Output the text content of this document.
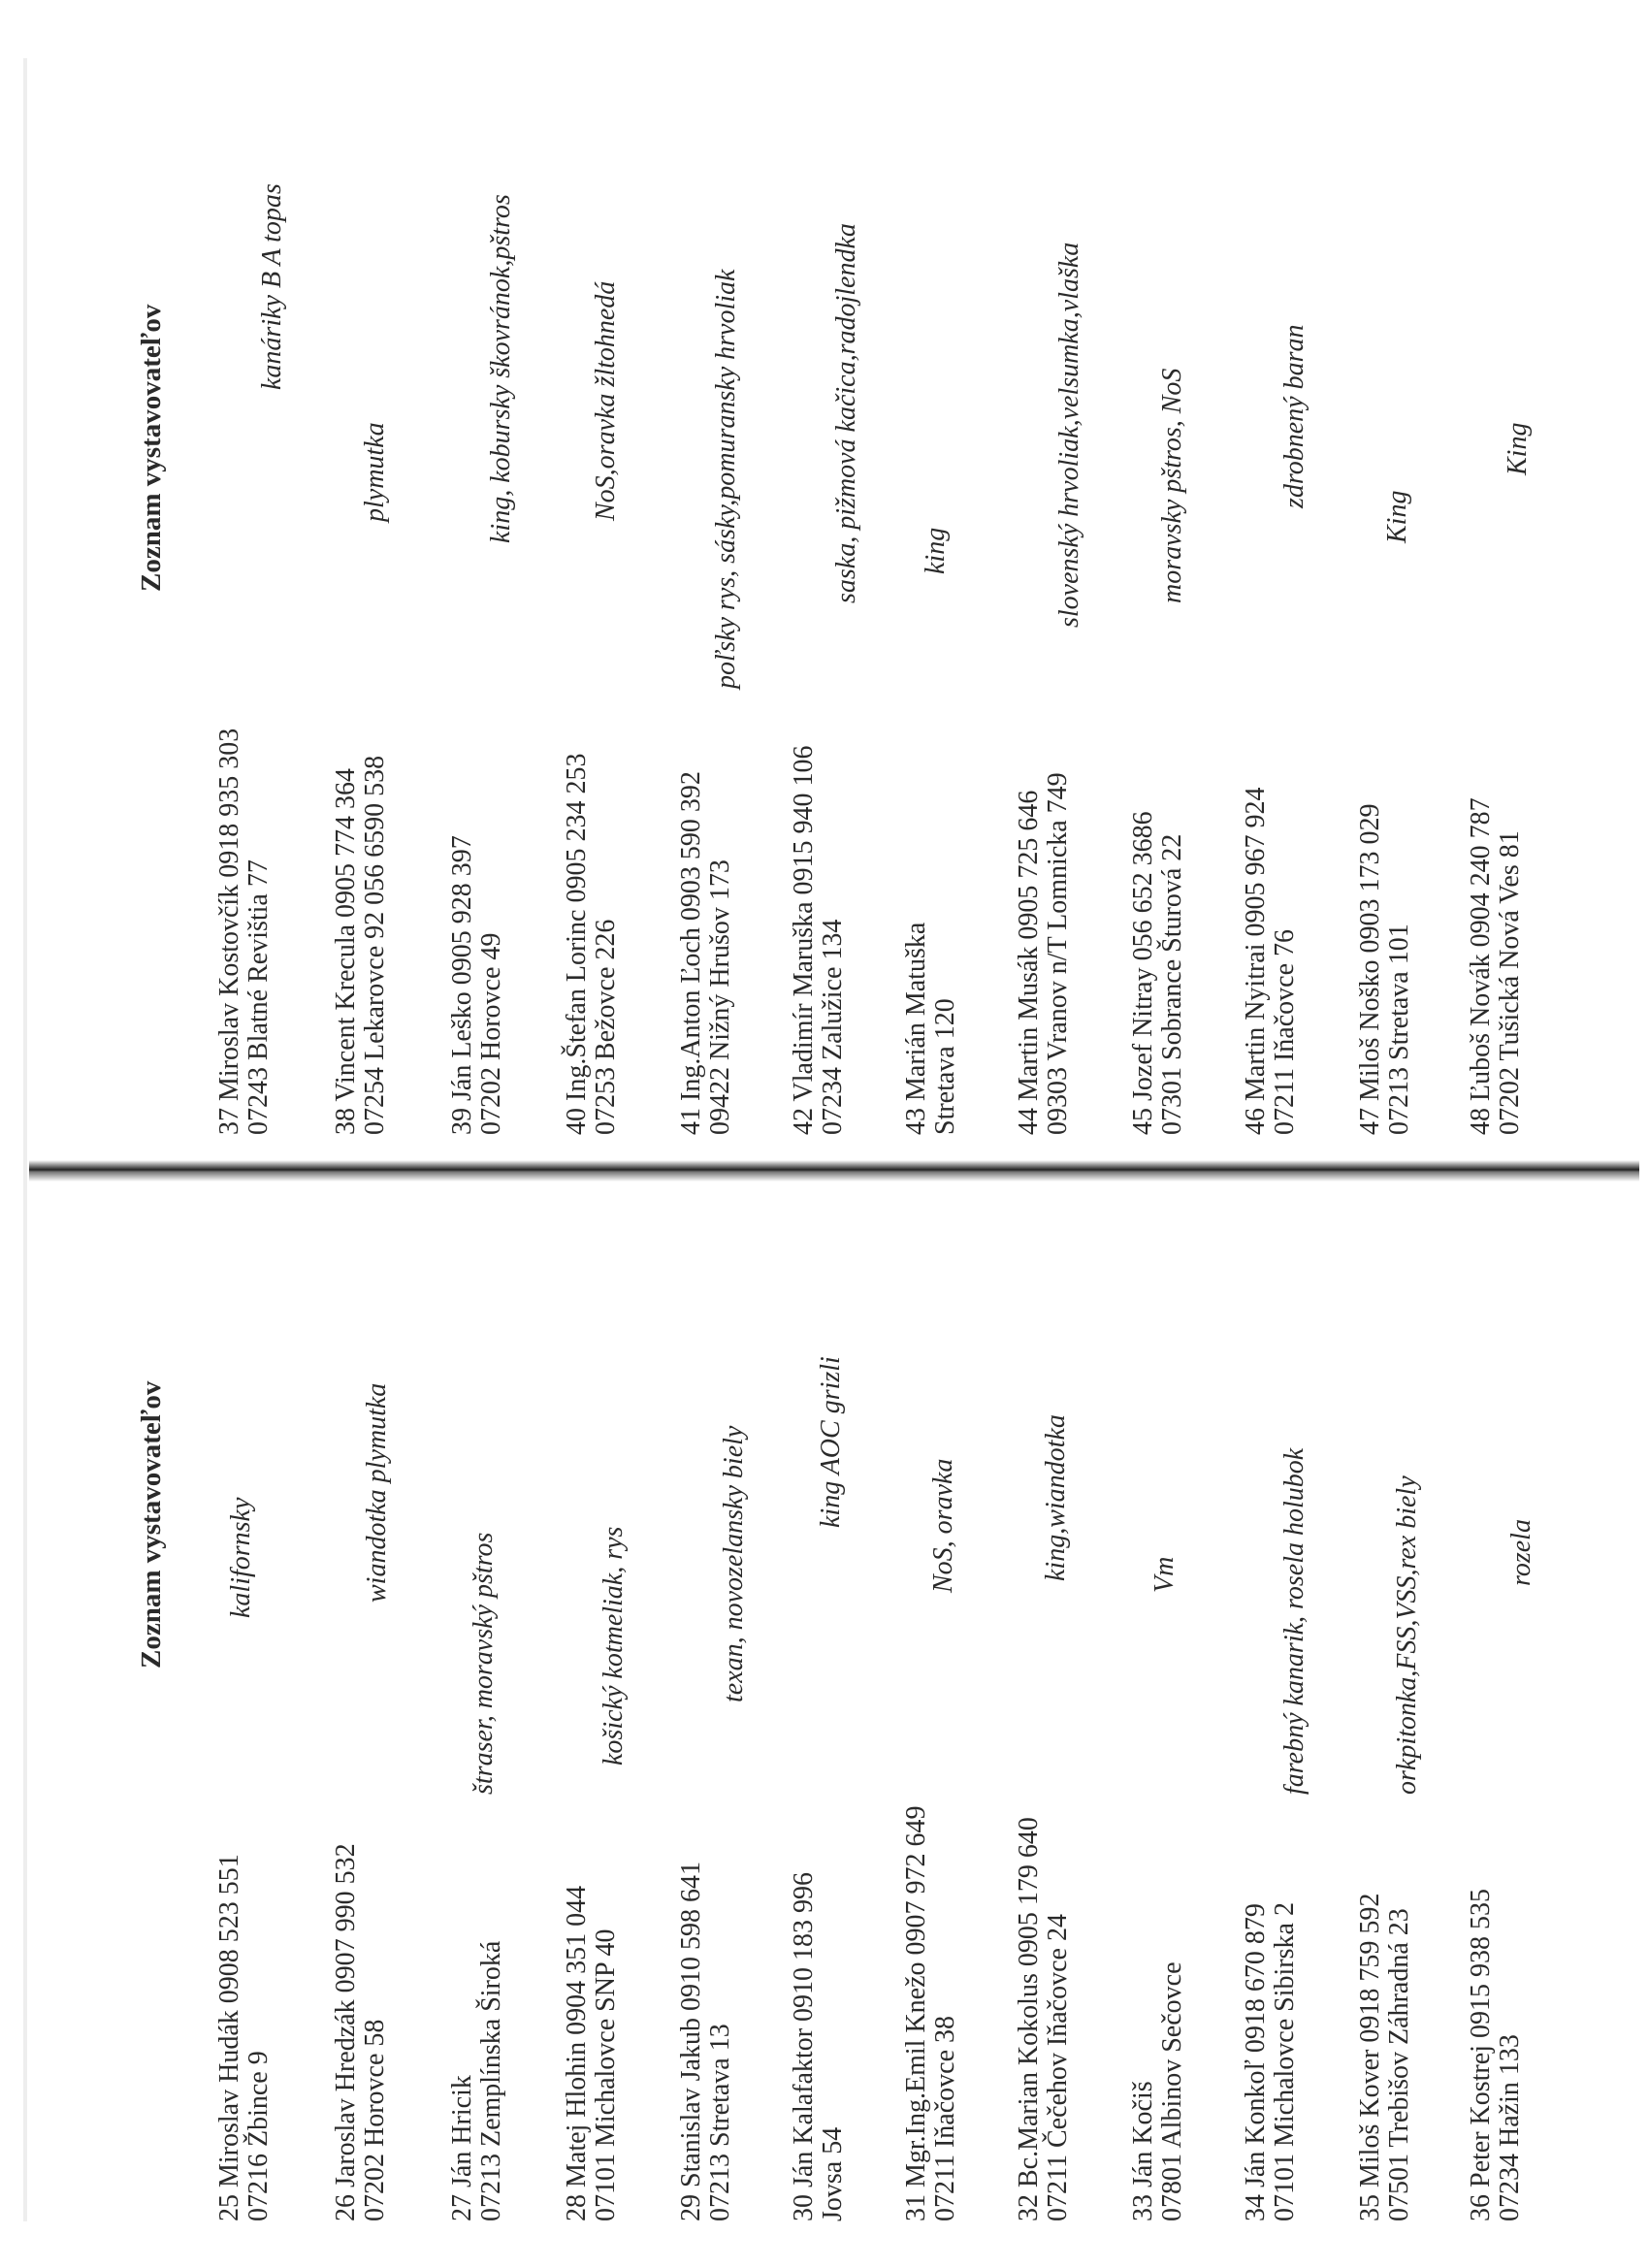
Zoznam vystavovateľov
25 Miroslav Hudák 0908 523 551 07216 Žbince 9
kalifornsky
26 Jaroslav Hredzák 0907 990 532 07202 Horovce 58
wiandotka plymutka
27 Ján Hricik 07213 Zemplínska Široká
štraser, moravský pštros
28 Matej Hlohin 0904 351 044 07101 Michalovce SNP 40
košický kotmeliak, rys
29 Stanislav Jakub 0910 598 641 07213 Stretava 13
texan, novozelansky biely
30 Ján Kalafaktor 0910 183 996 Jovsa 54
king AOC grizli
31 Mgr.Ing.Emil Knežo 0907 972 649 07211 Iňačovce 38
NoS, oravka
32 Bc.Marian Kokolus 0905 179 640 07211 Čečehov Iňačovce 24
king,wiandotka
33 Ján Kočiš 07801 Albinov Sečovce
Vm
34 Ján Konkoľ 0918 670 879 07101 Michalovce Sibirska 2
farebný kanarik, rosela holubok
35 Miloš Kover 0918 759 592 07501 Trebišov Záhradná 23
orkpitonka,FSS,VSS,rex biely
36 Peter Kostrej 0915 938 535 07234 Hažin 133
rozela
Zoznam vystavovateľov
37 Miroslav Kostovčík 0918 935 303 07243 Blatné Revištia 77
kanáriky B A topas
38 Vincent Krecula 0905 774 364 07254 Lekarovce 92 056 6590 538
plymutka
39 Ján Leško 0905 928 397 07202 Horovce 49
king, kobursky škovránok,pštros
40 Ing.Štefan Lorinc 0905 234 253 07253 Bežovce 226
NoS,oravka žltohnedá
41 Ing.Anton Ľoch 0903 590 392 09422 Nižný Hrušov 173
poľsky rys, sásky,pomuransky hrvoliak
42 Vladimír Maruška 0915 940 106 07234 Zalužice 134
saska, pižmová kačica,radojlendka
43 Marián Matuška Stretava 120
king
44 Martin Musák 0905 725 646 09303 Vranov n/T Lomnicka 749
slovenský hrvoliak,velsumka,vlaška
45 Jozef Nitray 056 652 3686 07301 Sobrance Šturová 22
moravsky pštros, NoS
46 Martin Nyitrai 0905 967 924 07211 Iňačovce 76
zdrobnený baran
47 Miloš Noško 0903 173 029 07213 Stretava 101
King
48 Ľuboš Novák 0904 240 787 07202 Tušická Nová Ves 81
King
